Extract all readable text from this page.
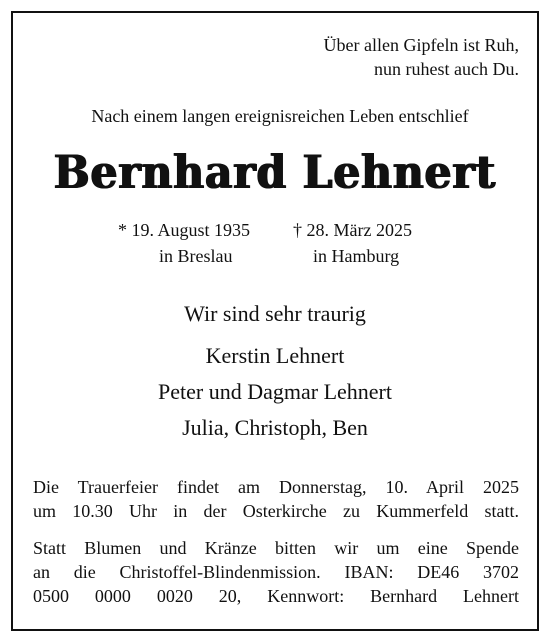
Über allen Gipfeln ist Ruh,

nun ruhest auch Du.

Nach einem langen ereignisreichen Leben entschlief

Bernhard Lehnert

* 19. August 1935 † 28. März 2025

in Breslau	in Hamburg

Wir sind sehr traurig

Kerstin Lehnert

Peter und Dagmar Lehnert

Julia, Christoph, Ben

Die Trauerfeier findet am Donnerstag, 10. April 2025
um 10.30 Uhr in der Osterkirche zu Kummerfeld statt.
Statt Blumen und Kränze bitten wir um eine Spende
an die Christoffel-Blindenmission. IBAN: DE46 3702
0500 0000 0020 20, Kennwort: Bernhard Lehnert
